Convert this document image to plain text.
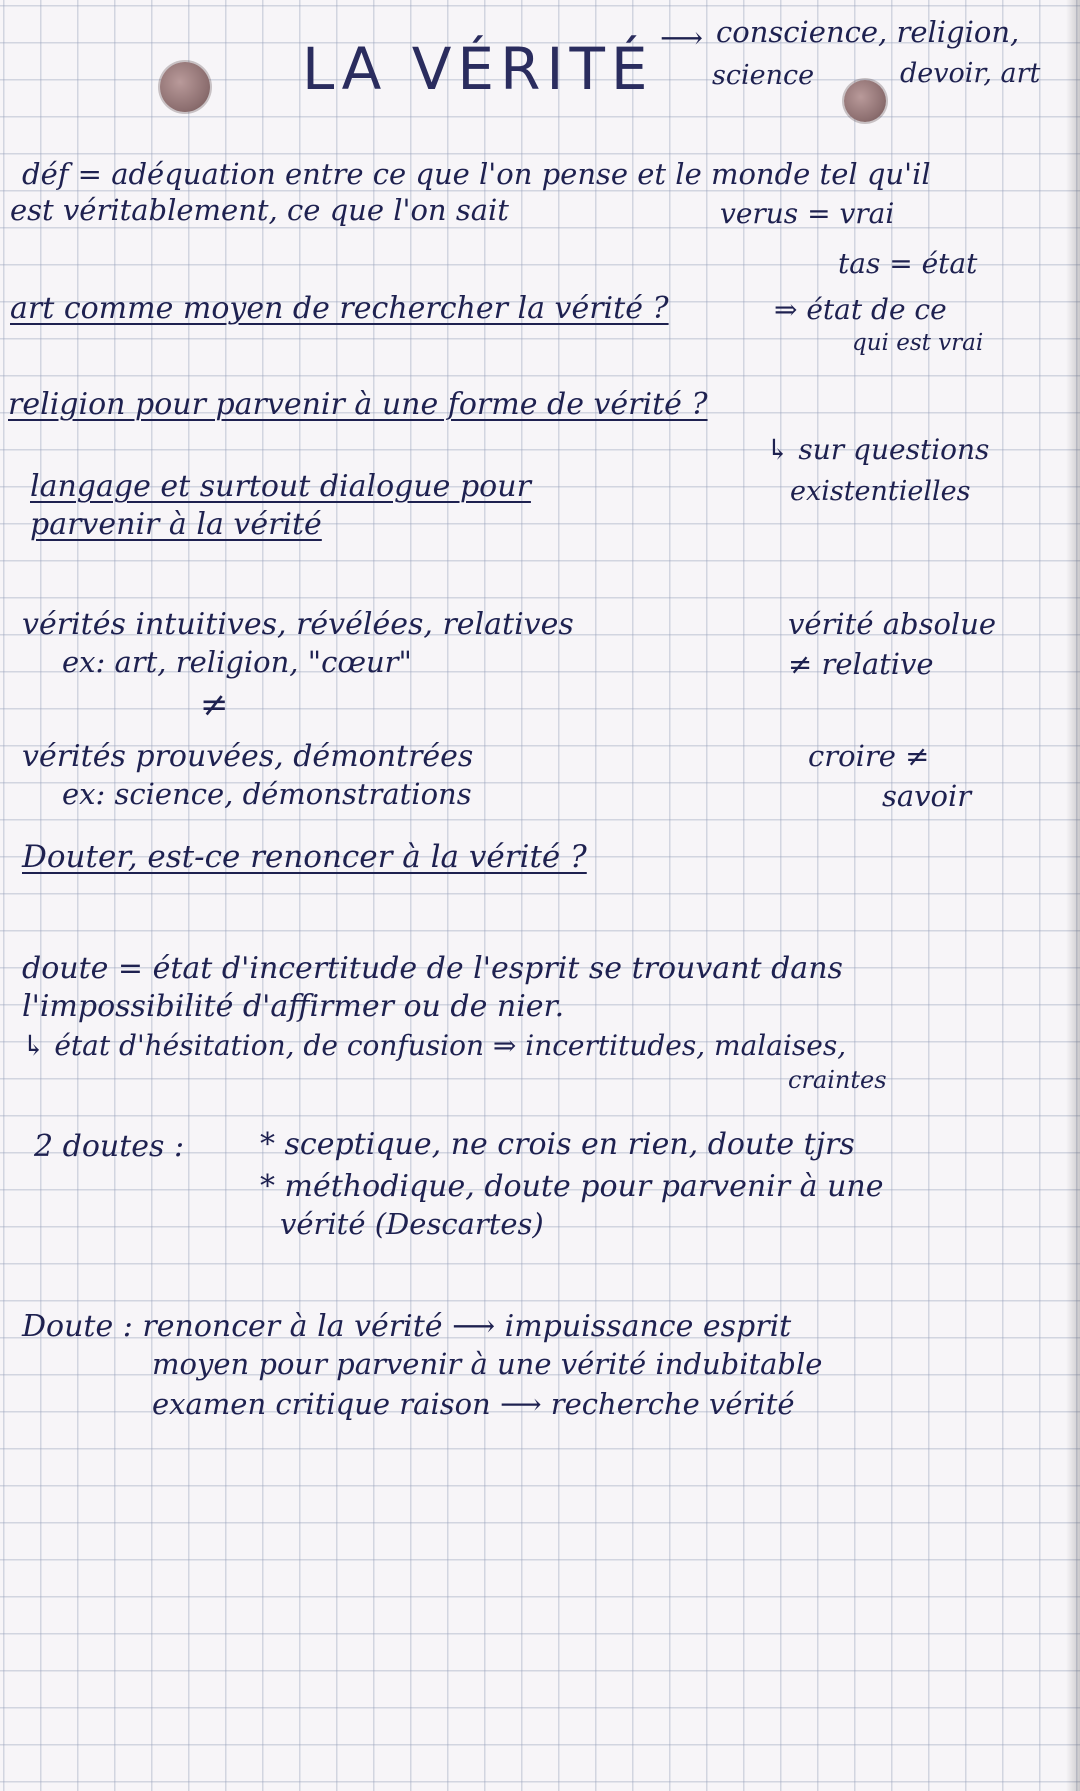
LA VÉRITÉ ⟶ conscience, religion,
science	devoir, art
déf = adéquation entre ce que l'on pense et le monde tel qu'il
est véritablement, ce que l'on sait	verus = vrai
tas = état
art comme moyen de rechercher la vérité ?	⇒ état de ce
qui est vrai
religion pour parvenir à une forme de vérité ?
↳ sur questions
existentielles
langage et surtout dialogue pour
parvenir à la vérité
vérités intuitives, révélées, relatives
ex: art, religion, "cœur"
≠
vérités prouvées, démontrées
ex: science, démonstrations
vérité absolue
≠ relative
croire ≠
savoir
Douter, est-ce renoncer à la vérité ?
doute = état d'incertitude de l'esprit se trouvant dans
l'impossibilité d'affirmer ou de nier.
↳ état d'hésitation, de confusion ⇒ incertitudes, malaises,
craintes
2 doutes :	* sceptique, ne crois en rien, doute tjrs
* méthodique, doute pour parvenir à une
vérité (Descartes)
Doute : renoncer à la vérité ⟶ impuissance esprit
moyen pour parvenir à une vérité indubitable
examen critique raison ⟶ recherche vérité
